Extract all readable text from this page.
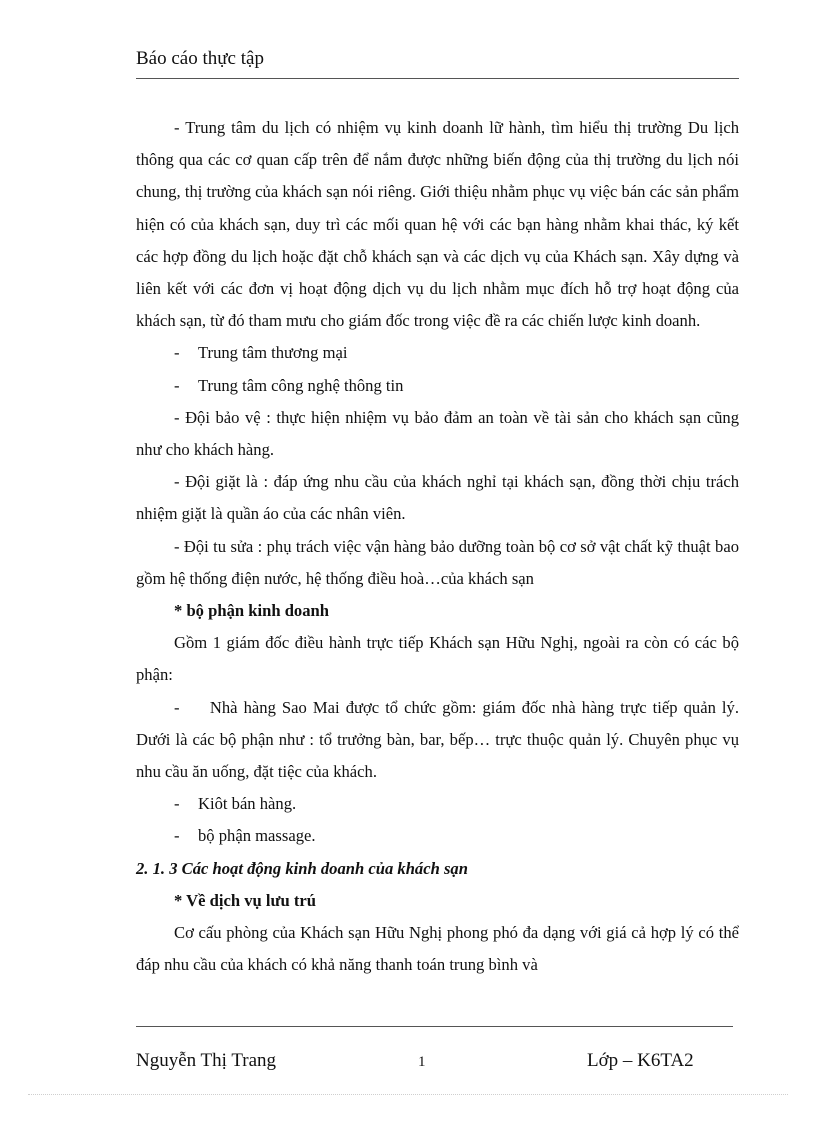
Báo cáo thực tập

- Trung tâm du lịch có nhiệm vụ kinh doanh lữ hành, tìm hiểu thị trường Du lịch thông qua các cơ quan cấp trên để nắm được những biến động của thị trường du lịch nói chung, thị trường của khách sạn nói riêng. Giới thiệu nhằm phục vụ việc bán các sản phẩm hiện có của khách sạn, duy trì các mối quan hệ với các bạn hàng nhằm khai thác, ký kết các hợp đồng du lịch hoặc đặt chỗ khách sạn và các dịch vụ của Khách sạn. Xây dựng và liên kết với các đơn vị hoạt động dịch vụ du lịch nhằm mục đích hỗ trợ hoạt động của khách sạn, từ đó tham mưu cho giám đốc trong việc đề ra các chiến lược kinh doanh.

- Trung tâm thương mại

- Trung tâm công nghệ thông tin

- Đội bảo vệ : thực hiện nhiệm vụ bảo đảm an toàn về tài sản cho khách sạn cũng như cho khách hàng.

- Đội giặt là : đáp ứng nhu cầu của khách nghỉ tại khách sạn, đồng thời chịu trách nhiệm giặt là quần áo của các nhân viên.

- Đội tu sửa : phụ trách việc vận hàng bảo dưỡng toàn bộ cơ sở vật chất kỹ thuật bao gồm hệ thống điện nước, hệ thống điều hoà…của khách sạn

* bộ phận kinh doanh

Gồm 1 giám đốc điều hành trực tiếp Khách sạn Hữu Nghị, ngoài ra còn có các bộ phận:

- Nhà hàng Sao Mai được tổ chức gồm: giám đốc nhà hàng trực tiếp quản lý. Dưới là các bộ phận như : tổ trưởng bàn, bar, bếp… trực thuộc quản lý. Chuyên phục vụ nhu cầu ăn uống, đặt tiệc của khách.

- Kiôt bán hàng.

- bộ phận massage.

2. 1. 3 Các hoạt động kinh doanh của khách sạn

* Về dịch vụ lưu trú

Cơ cấu phòng của Khách sạn Hữu Nghị phong phó đa dạng với giá cả hợp lý có thể đáp nhu cầu của khách có khả năng thanh toán trung bình và

Nguyễn Thị Trang	1	Lớp – K6TA2
